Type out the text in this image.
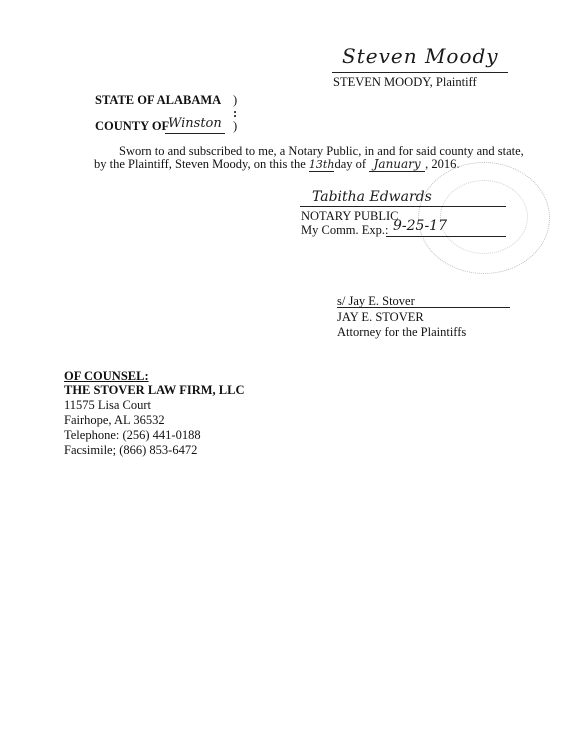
Steven Moody
STEVEN MOODY, Plaintiff
STATE OF ALABAMA )
:
COUNTY OF
Winston )
Sworn to and subscribed to me, a Notary Public, in and for said county and state,
by the Plaintiff, Steven Moody, on this the 13thday of January , 2016.
Tabitha Edwards
NOTARY PUBLIC
My Comm. Exp.: 9-25-17
s/ Jay E. Stover
JAY E. STOVER
Attorney for the Plaintiffs
OF COUNSEL:
THE STOVER LAW FIRM, LLC
11575 Lisa Court
Fairhope, AL 36532
Telephone: (256) 441-0188
Facsimile; (866) 853-6472
